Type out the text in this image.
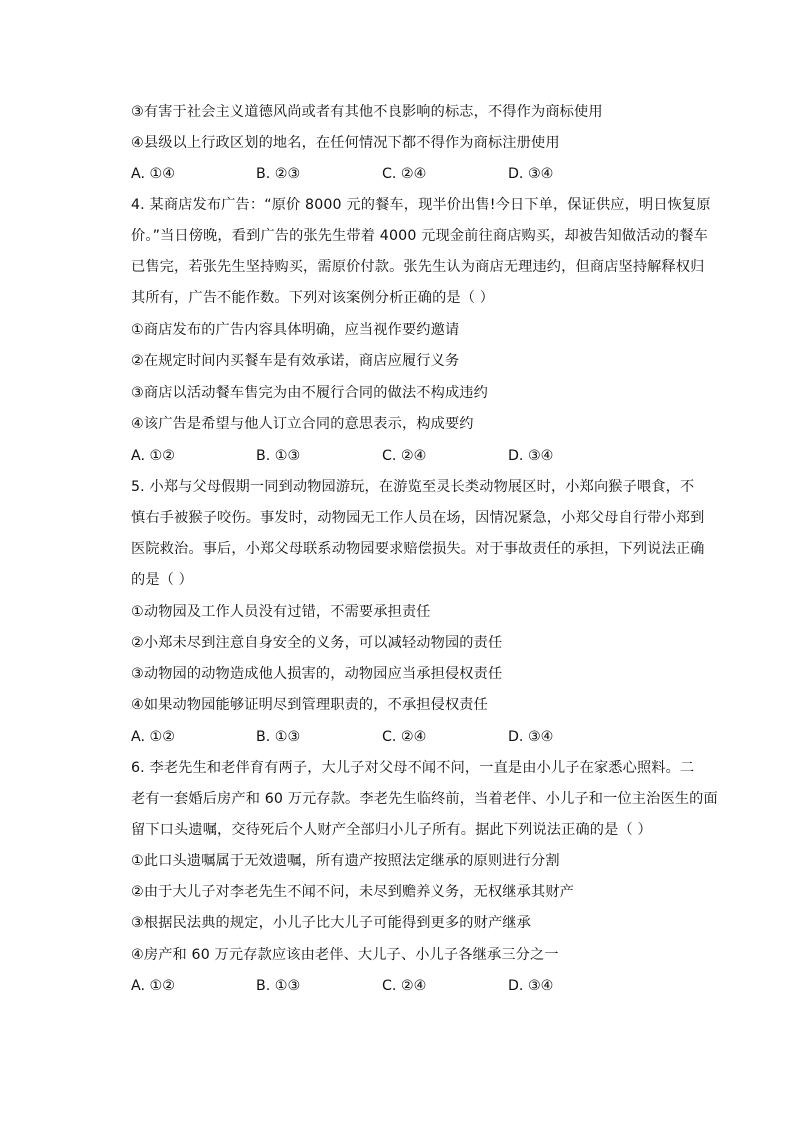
③有害于社会主义道德风尚或者有其他不良影响的标志，不得作为商标使用
④县级以上行政区划的地名，在任何情况下都不得作为商标注册使用
A. ①④	B. ②③	C. ②④	D. ③④
4. 某商店发布广告：“原价 8000 元的餐车，现半价出售!今日下单，保证供应，明日恢复原
价。”当日傍晚，看到广告的张先生带着 4000 元现金前往商店购买，却被告知做活动的餐车
已售完，若张先生坚持购买，需原价付款。张先生认为商店无理违约，但商店坚持解释权归
其所有，广告不能作数。下列对该案例分析正确的是（ ）
①商店发布的广告内容具体明确，应当视作要约邀请
②在规定时间内买餐车是有效承诺，商店应履行义务
③商店以活动餐车售完为由不履行合同的做法不构成违约
④该广告是希望与他人订立合同的意思表示，构成要约
A. ①②	B. ①③	C. ②④	D. ③④
5. 小郑与父母假期一同到动物园游玩，在游览至灵长类动物展区时，小郑向猴子喂食，不
慎右手被猴子咬伤。事发时，动物园无工作人员在场，因情况紧急，小郑父母自行带小郑到
医院救治。事后，小郑父母联系动物园要求赔偿损失。对于事故责任的承担，下列说法正确
的是（ ）
①动物园及工作人员没有过错，不需要承担责任
②小郑未尽到注意自身安全的义务，可以减轻动物园的责任
③动物园的动物造成他人损害的，动物园应当承担侵权责任
④如果动物园能够证明尽到管理职责的，不承担侵权责任
A. ①②	B. ①③	C. ②④	D. ③④
6. 李老先生和老伴育有两子，大儿子对父母不闻不问，一直是由小儿子在家悉心照料。二
老有一套婚后房产和 60 万元存款。李老先生临终前，当着老伴、小儿子和一位主治医生的面
留下口头遗嘱，交待死后个人财产全部归小儿子所有。据此下列说法正确的是（ ）
①此口头遗嘱属于无效遗嘱，所有遗产按照法定继承的原则进行分割
②由于大儿子对李老先生不闻不问，未尽到赡养义务，无权继承其财产
③根据民法典的规定，小儿子比大儿子可能得到更多的财产继承
④房产和 60 万元存款应该由老伴、大儿子、小儿子各继承三分之一
A. ①②	B. ①③	C. ②④	D. ③④
